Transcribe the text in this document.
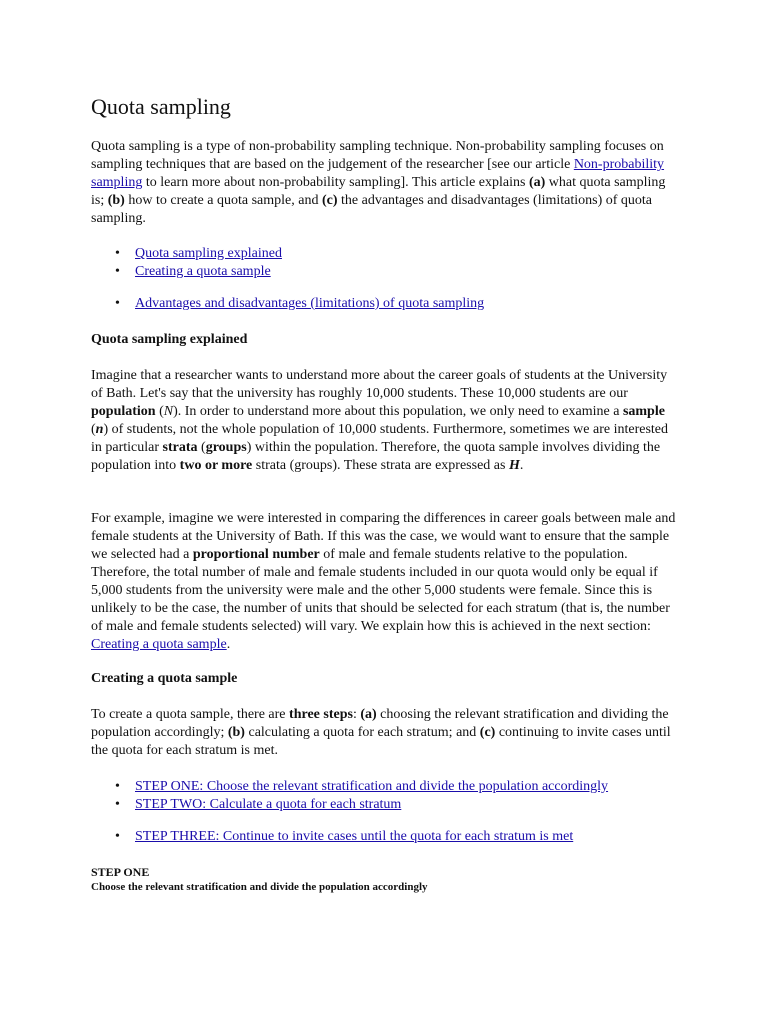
Quota sampling

Quota sampling is a type of non-probability sampling technique. Non-probability sampling focuses on sampling techniques that are based on the judgement of the researcher [see our article Non-probability sampling to learn more about non-probability sampling]. This article explains (a) what quota sampling is; (b) how to create a quota sample, and (c) the advantages and disadvantages (limitations) of quota sampling.

• Quota sampling explained
• Creating a quota sample
• Advantages and disadvantages (limitations) of quota sampling

Quota sampling explained

Imagine that a researcher wants to understand more about the career goals of students at the University of Bath. Let's say that the university has roughly 10,000 students. These 10,000 students are our population (N). In order to understand more about this population, we only need to examine a sample (n) of students, not the whole population of 10,000 students. Furthermore, sometimes we are interested in particular strata (groups) within the population. Therefore, the quota sample involves dividing the population into two or more strata (groups). These strata are expressed as H.

For example, imagine we were interested in comparing the differences in career goals between male and female students at the University of Bath. If this was the case, we would want to ensure that the sample we selected had a proportional number of male and female students relative to the population. Therefore, the total number of male and female students included in our quota would only be equal if 5,000 students from the university were male and the other 5,000 students were female. Since this is unlikely to be the case, the number of units that should be selected for each stratum (that is, the number of male and female students selected) will vary. We explain how this is achieved in the next section: Creating a quota sample.

Creating a quota sample

To create a quota sample, there are three steps: (a) choosing the relevant stratification and dividing the population accordingly; (b) calculating a quota for each stratum; and (c) continuing to invite cases until the quota for each stratum is met.

• STEP ONE: Choose the relevant stratification and divide the population accordingly
• STEP TWO: Calculate a quota for each stratum
• STEP THREE: Continue to invite cases until the quota for each stratum is met

STEP ONE

Choose the relevant stratification and divide the population accordingly
